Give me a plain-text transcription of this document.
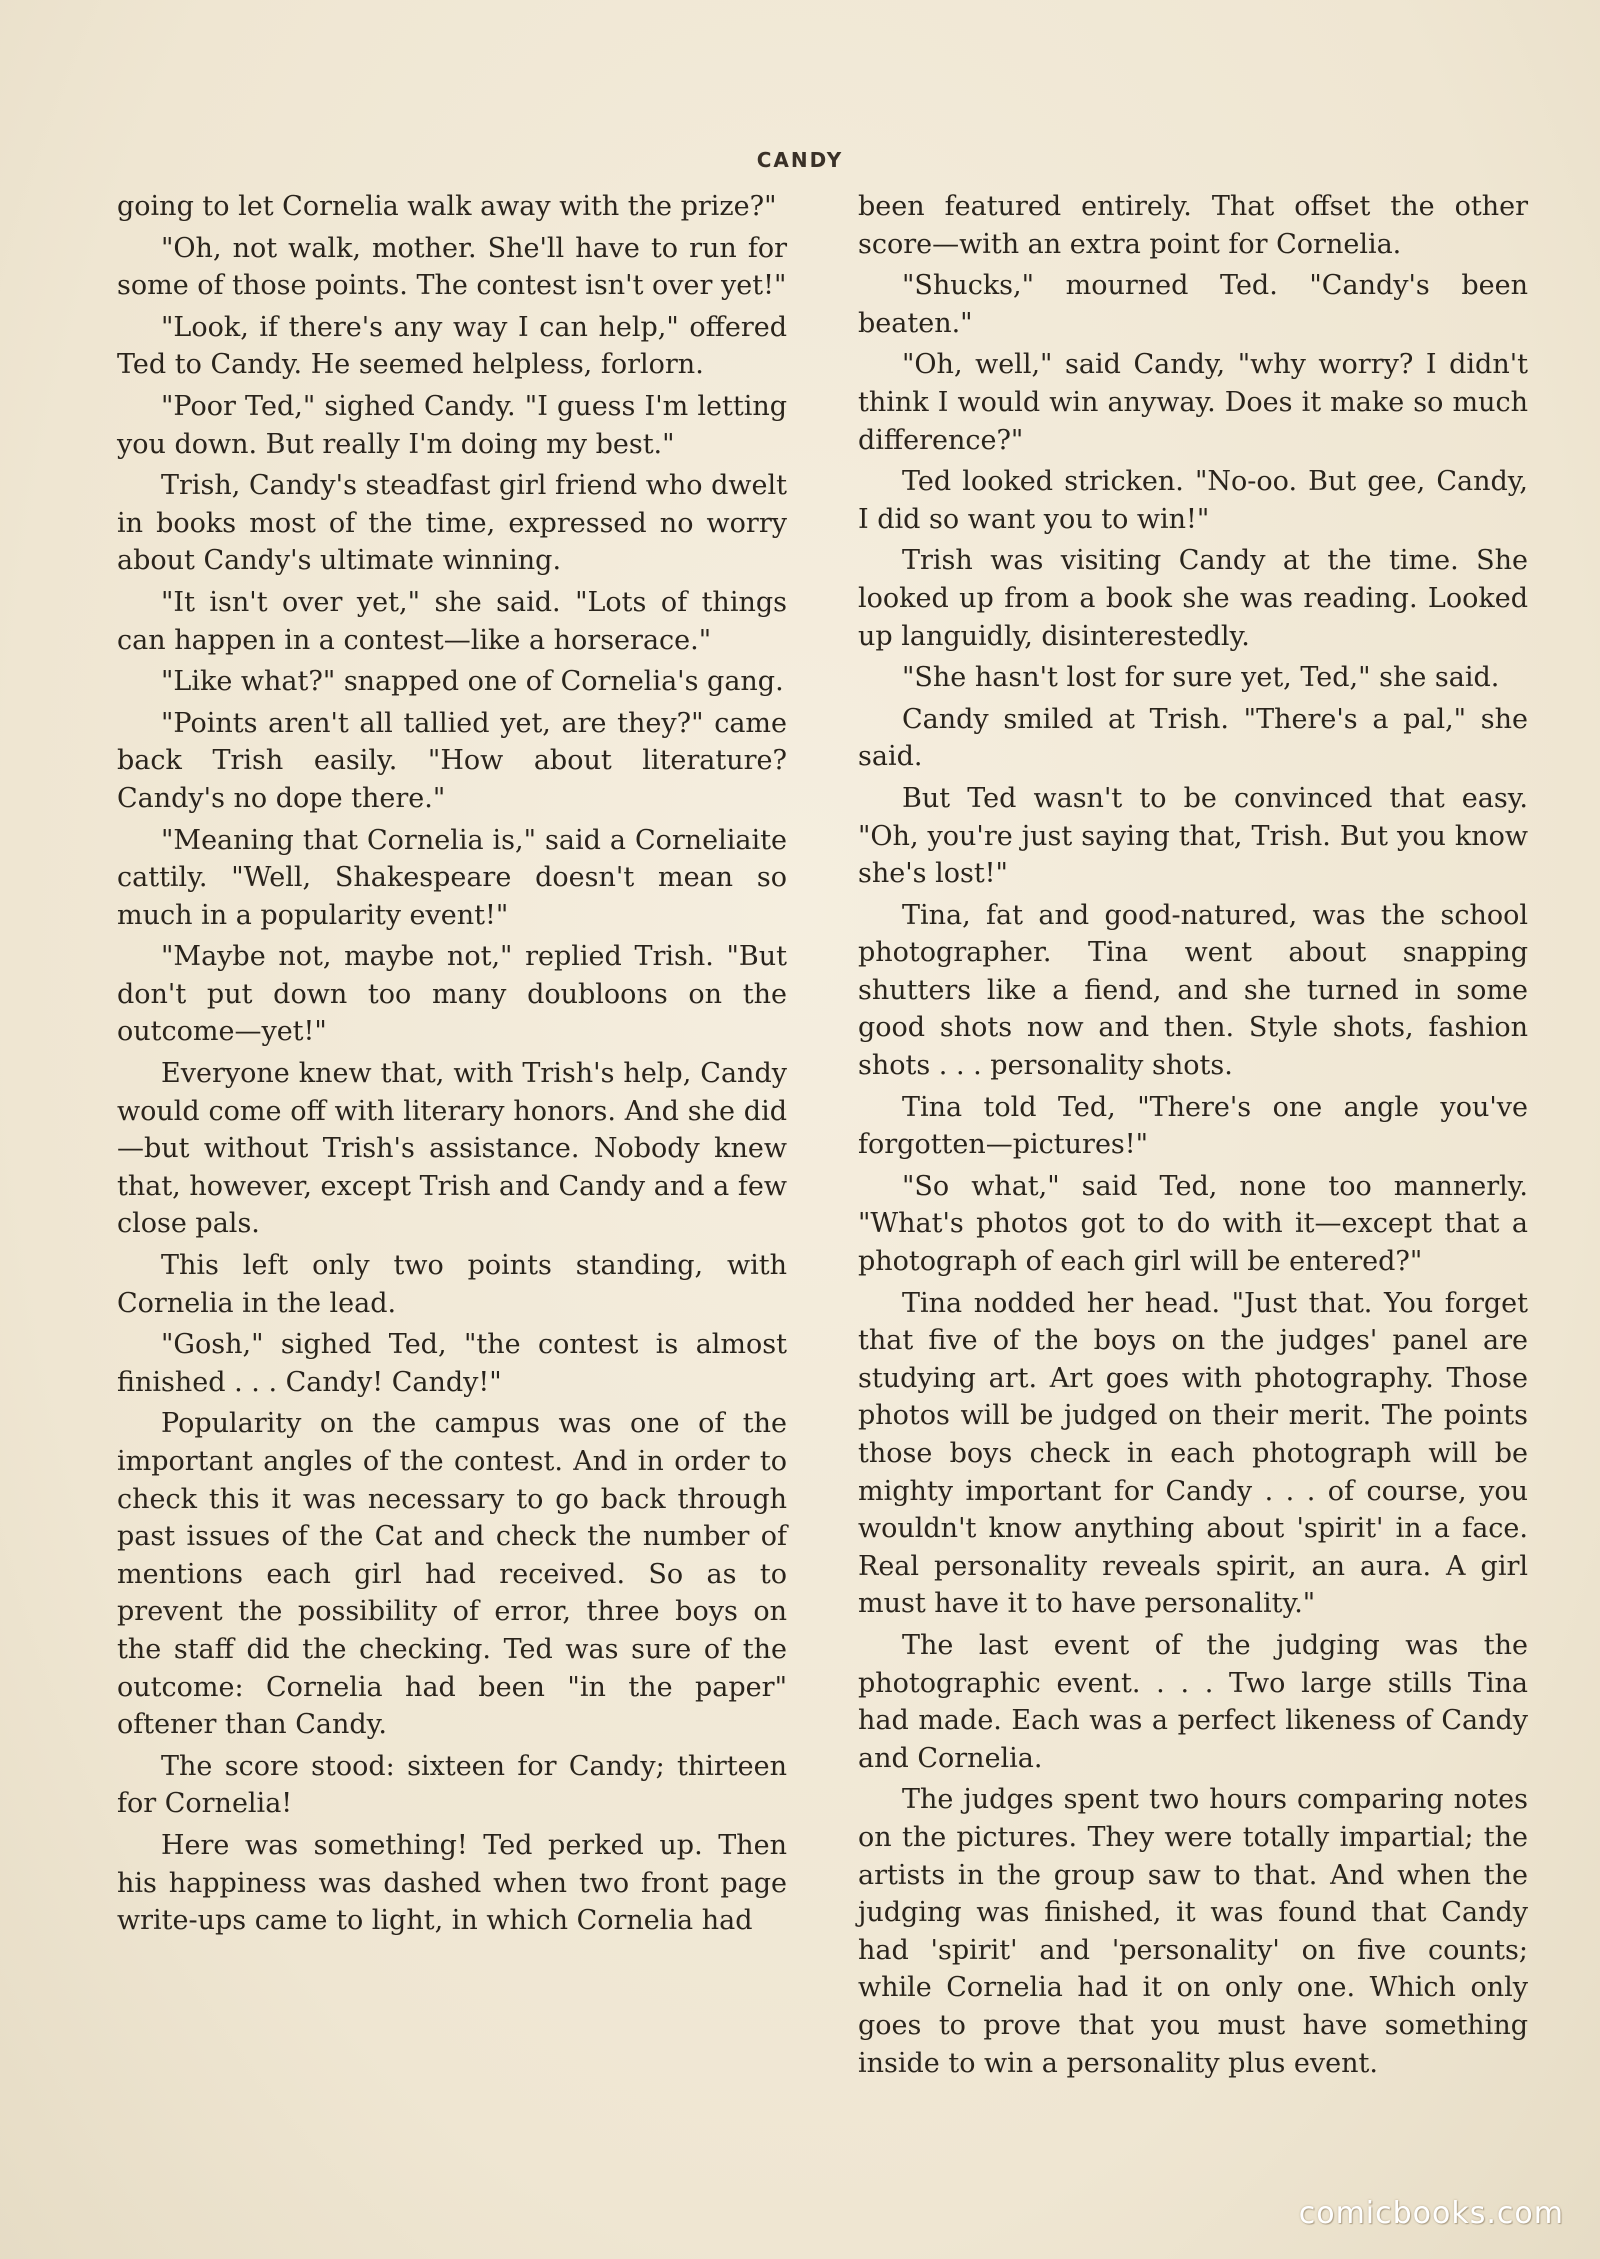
CANDY

going to let Cornelia walk away with the prize?"

"Oh, not walk, mother. She'll have to run for some of those points. The contest isn't over yet!"

"Look, if there's any way I can help," offered Ted to Candy. He seemed helpless, forlorn.

"Poor Ted," sighed Candy. "I guess I'm letting you down. But really I'm doing my best."

Trish, Candy's steadfast girl friend who dwelt in books most of the time, expressed no worry about Candy's ultimate winning.

"It isn't over yet," she said. "Lots of things can happen in a contest—like a horserace."

"Like what?" snapped one of Cornelia's gang.

"Points aren't all tallied yet, are they?" came back Trish easily. "How about literature? Candy's no dope there."

"Meaning that Cornelia is," said a Corneliaite cattily. "Well, Shakespeare doesn't mean so much in a popularity event!"

"Maybe not, maybe not," replied Trish. "But don't put down too many doubloons on the outcome—yet!"

Everyone knew that, with Trish's help, Candy would come off with literary honors. And she did—but without Trish's assistance. Nobody knew that, however, except Trish and Candy and a few close pals.

This left only two points standing, with Cornelia in the lead.

"Gosh," sighed Ted, "the contest is almost finished . . . Candy! Candy!"

Popularity on the campus was one of the important angles of the contest. And in order to check this it was necessary to go back through past issues of the Cat and check the number of mentions each girl had received. So as to prevent the possibility of error, three boys on the staff did the checking. Ted was sure of the outcome: Cornelia had been "in the paper" oftener than Candy.

The score stood: sixteen for Candy; thirteen for Cornelia!

Here was something! Ted perked up. Then his happiness was dashed when two front page write-ups came to light, in which Cornelia had

been featured entirely. That offset the other score—with an extra point for Cornelia.

"Shucks," mourned Ted. "Candy's been beaten."

"Oh, well," said Candy, "why worry? I didn't think I would win anyway. Does it make so much difference?"

Ted looked stricken. "No-oo. But gee, Candy, I did so want you to win!"

Trish was visiting Candy at the time. She looked up from a book she was reading. Looked up languidly, disinterestedly.

"She hasn't lost for sure yet, Ted," she said.

Candy smiled at Trish. "There's a pal," she said.

But Ted wasn't to be convinced that easy. "Oh, you're just saying that, Trish. But you know she's lost!"

Tina, fat and good-natured, was the school photographer. Tina went about snapping shutters like a fiend, and she turned in some good shots now and then. Style shots, fashion shots . . . personality shots.

Tina told Ted, "There's one angle you've forgotten—pictures!"

"So what," said Ted, none too mannerly. "What's photos got to do with it—except that a photograph of each girl will be entered?"

Tina nodded her head. "Just that. You forget that five of the boys on the judges' panel are studying art. Art goes with photography. Those photos will be judged on their merit. The points those boys check in each photograph will be mighty important for Candy . . . of course, you wouldn't know anything about 'spirit' in a face. Real personality reveals spirit, an aura. A girl must have it to have personality."

The last event of the judging was the photographic event. . . . Two large stills Tina had made. Each was a perfect likeness of Candy and Cornelia.

The judges spent two hours comparing notes on the pictures. They were totally impartial; the artists in the group saw to that. And when the judging was finished, it was found that Candy had 'spirit' and 'personality' on five counts; while Cornelia had it on only one. Which only goes to prove that you must have something inside to win a personality plus event.

comicbooks.com
